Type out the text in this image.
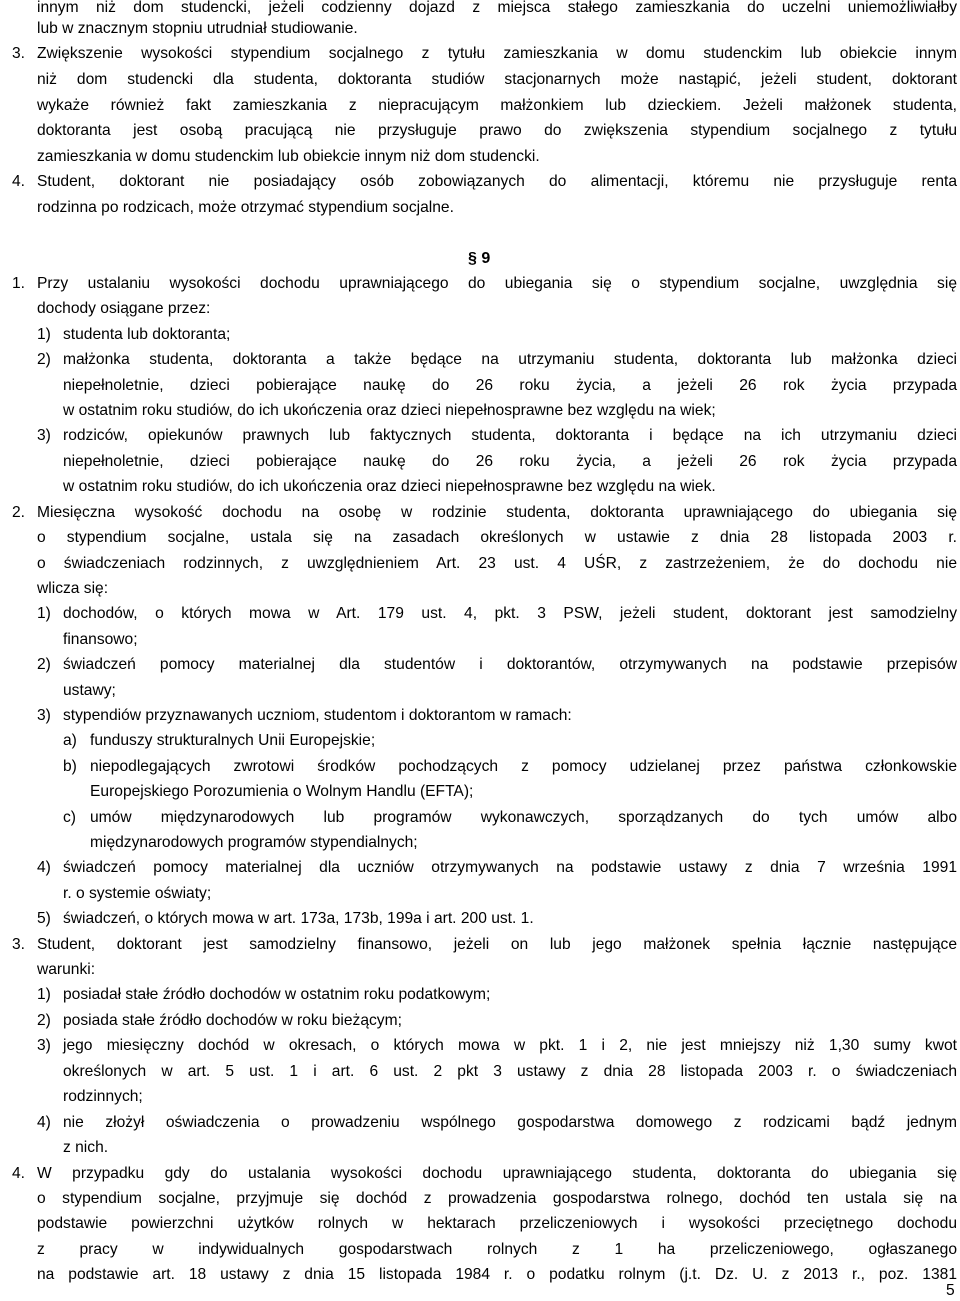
innym niż dom studencki, jeżeli codzienny dojazd z miejsca stałego zamieszkania do uczelni uniemożliwiałby
lub w znacznym stopniu utrudniał studiowanie.
3. Zwiększenie wysokości stypendium socjalnego z tytułu zamieszkania w domu studenckim lub obiekcie innym
niż dom studencki dla studenta, doktoranta studiów stacjonarnych może nastąpić, jeżeli student, doktorant
wykaże również fakt zamieszkania z niepracującym małżonkiem lub dzieckiem. Jeżeli małżonek studenta,
doktoranta jest osobą pracującą nie przysługuje prawo do zwiększenia stypendium socjalnego z tytułu
zamieszkania w domu studenckim lub obiekcie innym niż dom studencki.
4. Student, doktorant nie posiadający osób zobowiązanych do alimentacji, któremu nie przysługuje renta
rodzinna po rodzicach, może otrzymać stypendium socjalne.
§ 9
1. Przy ustalaniu wysokości dochodu uprawniającego do ubiegania się o stypendium socjalne, uwzględnia się
dochody osiągane przez:
1) studenta lub doktoranta;
2) małżonka studenta, doktoranta a także będące na utrzymaniu studenta, doktoranta lub małżonka dzieci
niepełnoletnie, dzieci pobierające naukę do 26 roku życia, a jeżeli 26 rok życia przypada
w ostatnim roku studiów, do ich ukończenia oraz dzieci niepełnosprawne bez względu na wiek;
3) rodziców, opiekunów prawnych lub faktycznych studenta, doktoranta i będące na ich utrzymaniu dzieci
niepełnoletnie, dzieci pobierające naukę do 26 roku życia, a jeżeli 26 rok życia przypada
w ostatnim roku studiów, do ich ukończenia oraz dzieci niepełnosprawne bez względu na wiek.
2. Miesięczna wysokość dochodu na osobę w rodzinie studenta, doktoranta uprawniającego do ubiegania się
o stypendium socjalne, ustala się na zasadach określonych w ustawie z dnia 28 listopada 2003 r.
o świadczeniach rodzinnych, z uwzględnieniem Art. 23 ust. 4 UŚR, z zastrzeżeniem, że do dochodu nie
wlicza się:
1) dochodów, o których mowa w Art. 179 ust. 4, pkt. 3 PSW, jeżeli student, doktorant jest samodzielny
finansowo;
2) świadczeń pomocy materialnej dla studentów i doktorantów, otrzymywanych na podstawie przepisów
ustawy;
3) stypendiów przyznawanych uczniom, studentom i doktorantom w ramach:
a) funduszy strukturalnych Unii Europejskie;
b) niepodlegających zwrotowi środków pochodzących z pomocy udzielanej przez państwa członkowskie
Europejskiego Porozumienia o Wolnym Handlu (EFTA);
c) umów międzynarodowych lub programów wykonawczych, sporządzanych do tych umów albo
międzynarodowych programów stypendialnych;
4) świadczeń pomocy materialnej dla uczniów otrzymywanych na podstawie ustawy z dnia 7 września 1991
r. o systemie oświaty;
5) świadczeń, o których mowa w art. 173a, 173b, 199a i art. 200 ust. 1.
3. Student, doktorant jest samodzielny finansowo, jeżeli on lub jego małżonek spełnia łącznie następujące
warunki:
1) posiadał stałe źródło dochodów w ostatnim roku podatkowym;
2) posiada stałe źródło dochodów w roku bieżącym;
3) jego miesięczny dochód w okresach, o których mowa w pkt. 1 i 2, nie jest mniejszy niż 1,30 sumy kwot
określonych w art. 5 ust. 1 i art. 6 ust. 2 pkt 3 ustawy z dnia 28 listopada 2003 r. o świadczeniach
rodzinnych;
4) nie złożył oświadczenia o prowadzeniu wspólnego gospodarstwa domowego z rodzicami bądź jednym
z nich.
4. W przypadku gdy do ustalania wysokości dochodu uprawniającego studenta, doktoranta do ubiegania się
o stypendium socjalne, przyjmuje się dochód z prowadzenia gospodarstwa rolnego, dochód ten ustala się na
podstawie powierzchni użytków rolnych w hektarach przeliczeniowych i wysokości przeciętnego dochodu
z pracy w indywidualnych gospodarstwach rolnych z 1 ha przeliczeniowego, ogłaszanego
na podstawie art. 18 ustawy z dnia 15 listopada 1984 r. o podatku rolnym (j.t. Dz. U. z 2013 r., poz. 1381
5
